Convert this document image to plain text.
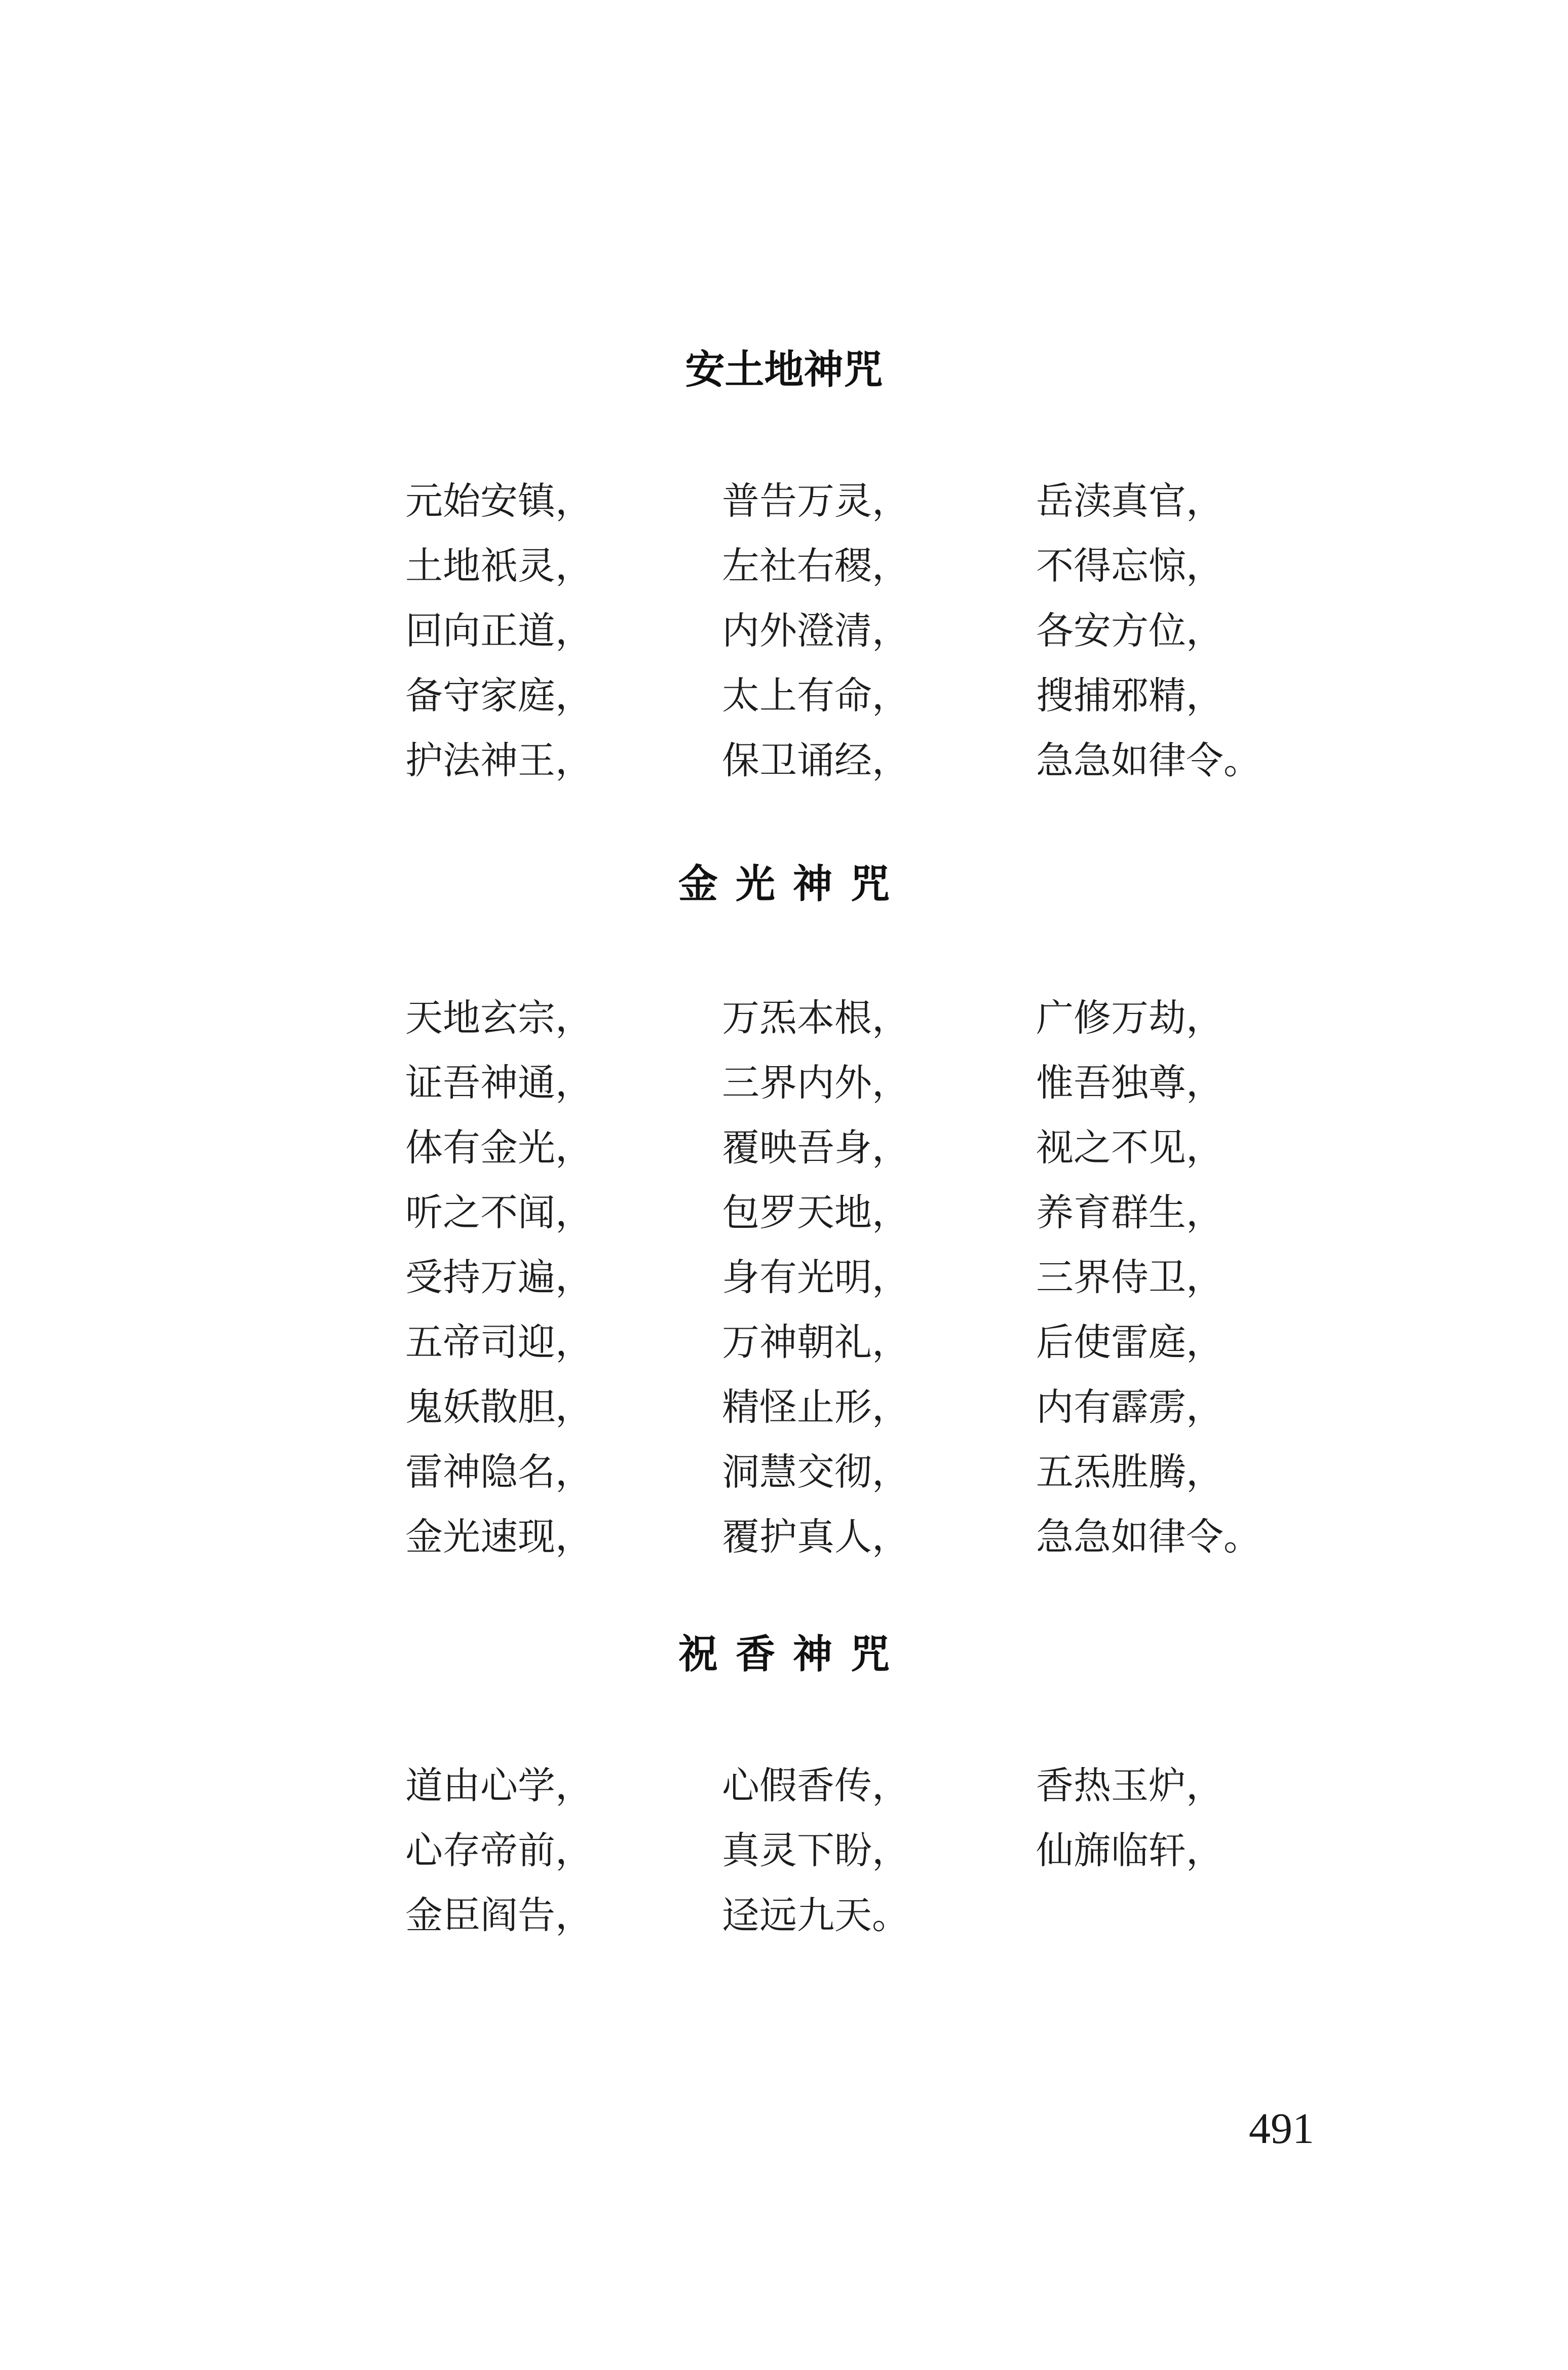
安土地神咒
元始安镇，	普告万灵，	岳渎真官，
土地祇灵，	左社右稷，	不得忘惊，
回向正道，	内外澄清，	各安方位，
备守家庭，	太上有命，	搜捕邪精，
护法神王，	保卫诵经，	急急如律令。
金光神咒
天地玄宗，	万炁本根，	广修万劫，
证吾神通，	三界内外，	惟吾独尊，
体有金光，	覆映吾身，	视之不见，
听之不闻，	包罗天地，	养育群生，
受持万遍，	身有光明，	三界侍卫，
五帝司迎，	万神朝礼，	后使雷庭，
鬼妖散胆，	精怪止形，	内有霹雳，
雷神隐名，	洞慧交彻，	五炁胜腾，
金光速现，	覆护真人，	急急如律令。
祝香神咒
道由心学，	心假香传，	香热玉炉，
心存帝前，	真灵下盼，	仙旆临轩，
金臣阎告，	迳远九天。
491
